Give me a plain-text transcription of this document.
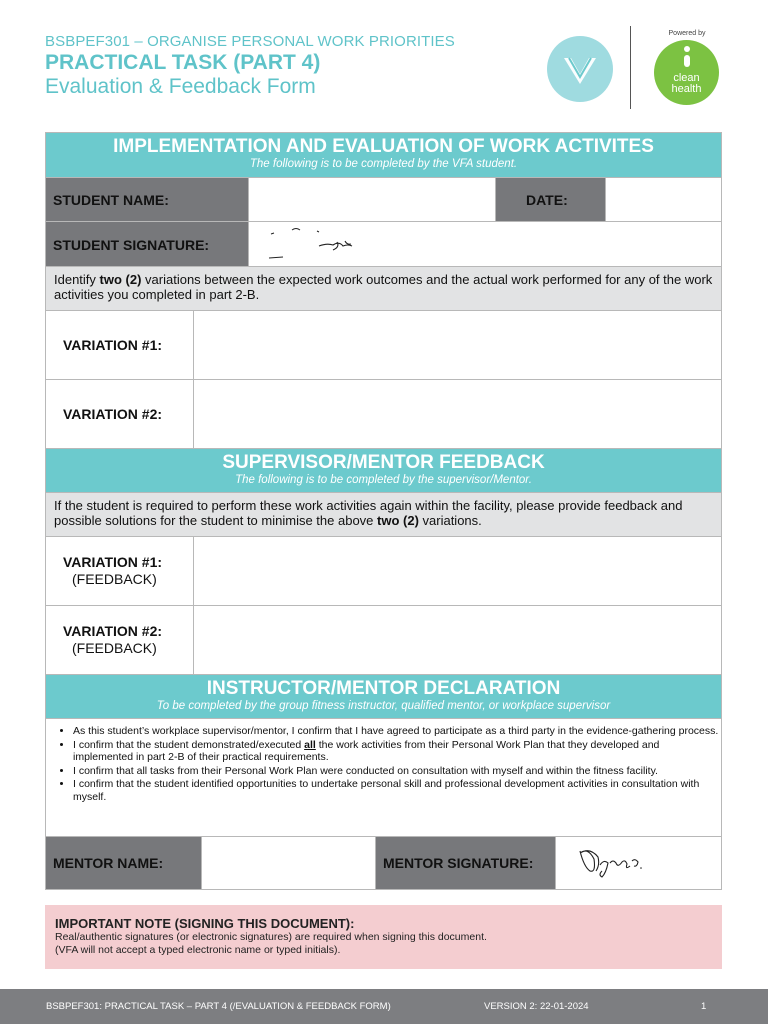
BSBPEF301 – ORGANISE PERSONAL WORK PRIORITIES
PRACTICAL TASK (PART 4)
Evaluation & Feedback Form
Powered by
clean
health
IMPLEMENTATION AND EVALUATION OF WORK ACTIVITES
The following is to be completed by the VFA student.
STUDENT NAME:	DATE:
STUDENT SIGNATURE:
Identify two (2) variations between the expected work outcomes and the actual work performed for any of the work activities you completed in part 2-B.
VARIATION #1:
VARIATION #2:
SUPERVISOR/MENTOR FEEDBACK
The following is to be completed by the supervisor/Mentor.
If the student is required to perform these work activities again within the facility, please provide feedback and possible solutions for the student to minimise the above two (2) variations.
VARIATION #1:
(FEEDBACK)
VARIATION #2:
(FEEDBACK)
INSTRUCTOR/MENTOR DECLARATION
To be completed by the group fitness instructor, qualified mentor, or workplace supervisor
• As this student’s workplace supervisor/mentor, I confirm that I have agreed to participate as a third party in the evidence-gathering process.
• I confirm that the student demonstrated/executed all the work activities from their Personal Work Plan that they developed and implemented in part 2-B of their practical requirements.
• I confirm that all tasks from their Personal Work Plan were conducted on consultation with myself and within the fitness facility.
• I confirm that the student identified opportunities to undertake personal skill and professional development activities in consultation with myself.
MENTOR NAME:	MENTOR SIGNATURE:
IMPORTANT NOTE (SIGNING THIS DOCUMENT):
Real/authentic signatures (or electronic signatures) are required when signing this document.
(VFA will not accept a typed electronic name or typed initials).
BSBPEF301: PRACTICAL TASK – PART 4 (/EVALUATION & FEEDBACK FORM)	VERSION 2: 22-01-2024	1
